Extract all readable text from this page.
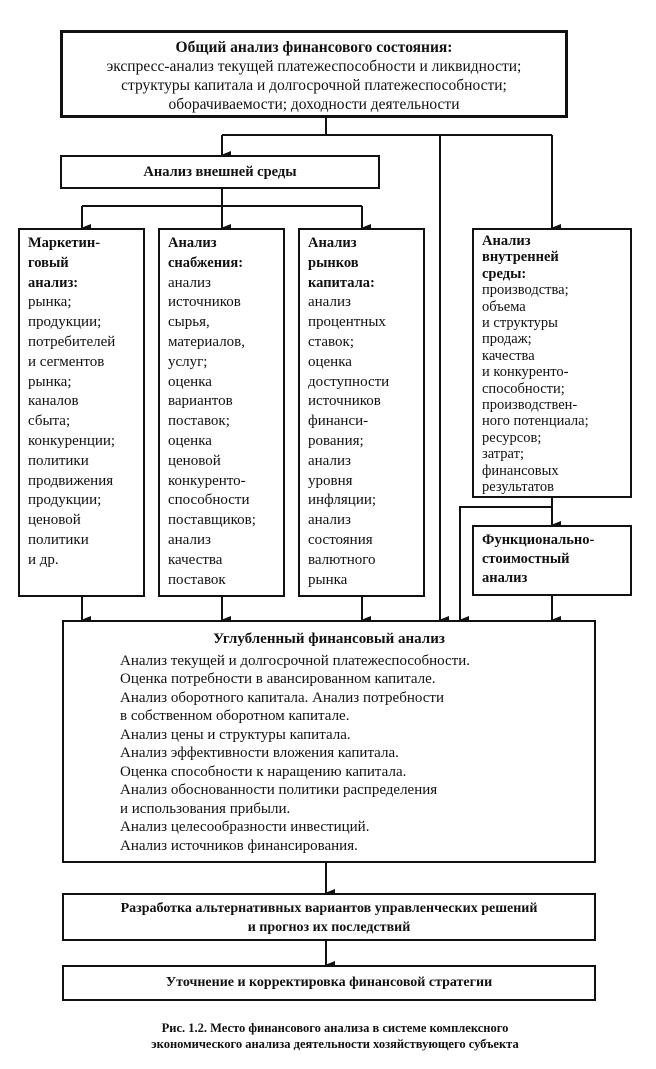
Общий анализ финансового состояния:
экспресс-анализ текущей платежеспособности и ликвидности;
структуры капитала и долгосрочной платежеспособности;
оборачиваемости; доходности деятельности
Анализ внешней среды
Маркетин-
говый
анализ:
рынка;
продукции;
потребителей
и сегментов
рынка;
каналов
сбыта;
конкуренции;
политики
продвижения
продукции;
ценовой
политики
и др.
Анализ
снабжения:
анализ
источников
сырья,
материалов,
услуг;
оценка
вариантов
поставок;
оценка
ценовой
конкуренто-
способности
поставщиков;
анализ
качества
поставок
Анализ
рынков
капитала:
анализ
процентных
ставок;
оценка
доступности
источников
финанси-
рования;
анализ
уровня
инфляции;
анализ
состояния
валютного
рынка
Анализ
внутренней
среды:
производства;
объема
и структуры
продаж;
качества
и конкуренто-
способности;
производствен-
ного потенциала;
ресурсов;
затрат;
финансовых
результатов
Функционально-
стоимостный
анализ
Углубленный финансовый анализ
Анализ текущей и долгосрочной платежеспособности.
Оценка потребности в авансированном капитале.
Анализ оборотного капитала. Анализ потребности
в собственном оборотном капитале.
Анализ цены и структуры капитала.
Анализ эффективности вложения капитала.
Оценка способности к наращению капитала.
Анализ обоснованности политики распределения
и использования прибыли.
Анализ целесообразности инвестиций.
Анализ источников финансирования.
Разработка альтернативных вариантов управленческих решений
и прогноз их последствий
Уточнение и корректировка финансовой стратегии
Рис. 1.2. Место финансового анализа в системе комплексного
экономического анализа деятельности хозяйствующего субъекта
